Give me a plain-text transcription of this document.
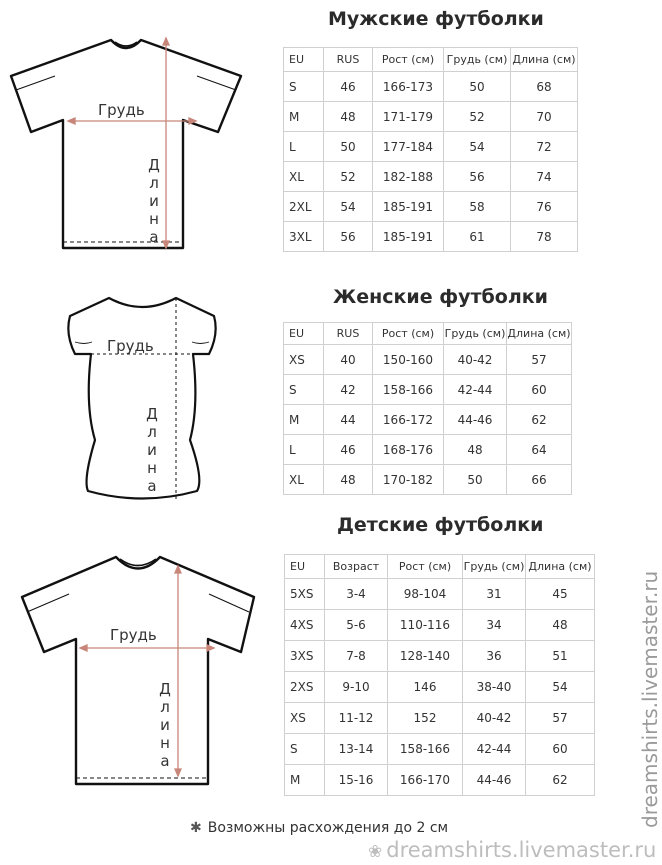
Мужские футболки
Грудь
Д
л
и
н
а
EU	RUS	Рост (см)	Грудь (см)	Длина (см)
S	46	166-173	50	68
M	48	171-179	52	70
L	50	177-184	54	72
XL	52	182-188	56	74
2XL	54	185-191	58	76
3XL	56	185-191	61	78
Женские футболки
Грудь
Д
л
и
н
а
EU	RUS	Рост (см)	Грудь (см)	Длина (см)
XS	40	150-160	40-42	57
S	42	158-166	42-44	60
M	44	166-172	44-46	62
L	46	168-176	48	64
XL	48	170-182	50	66
Детские футболки
Грудь
Д
л
и
н
а
EU	Возраст	Рост (см)	Грудь (см)	Длина (см)
5XS	3-4	98-104	31	45
4XS	5-6	110-116	34	48
3XS	7-8	128-140	36	51
2XS	9-10	146	38-40	54
XS	11-12	152	40-42	57
S	13-14	158-166	42-44	60
M	15-16	166-170	44-46	62
✱ Возможны расхождения до 2 см
❀ dreamshirts.livemaster.ru
dreamshirts.livemaster.ru
